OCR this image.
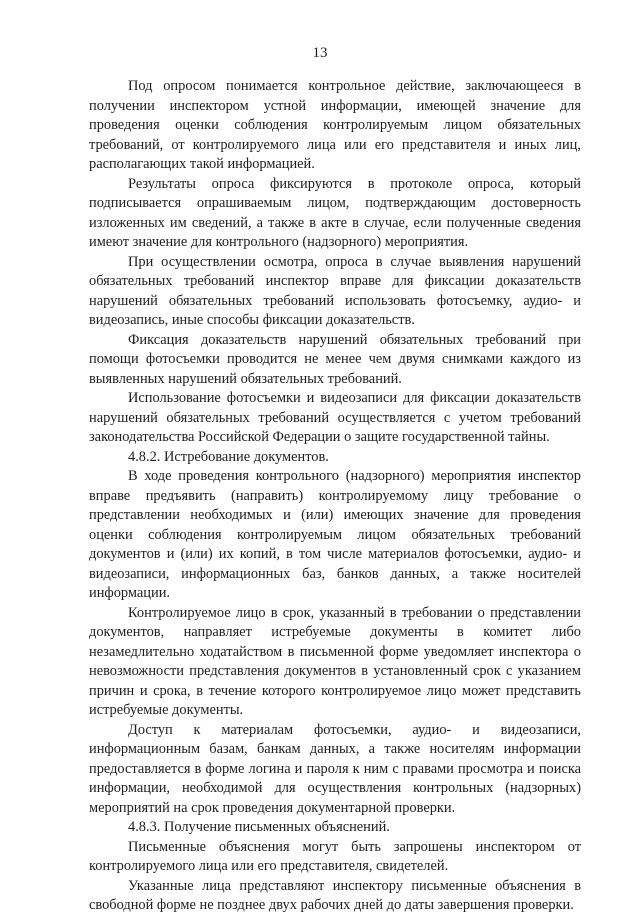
13

Под опросом понимается контрольное действие, заключающееся в получении инспектором устной информации, имеющей значение для проведения оценки соблюдения контролируемым лицом обязательных требований, от контролируемого лица или его представителя и иных лиц, располагающих такой информацией.

Результаты опроса фиксируются в протоколе опроса, который подписывается опрашиваемым лицом, подтверждающим достоверность изложенных им сведений, а также в акте в случае, если полученные сведения имеют значение для контрольного (надзорного) мероприятия.

При осуществлении осмотра, опроса в случае выявления нарушений обязательных требований инспектор вправе для фиксации доказательств нарушений обязательных требований использовать фотосъемку, аудио- и видеозапись, иные способы фиксации доказательств.

Фиксация доказательств нарушений обязательных требований при помощи фотосъемки проводится не менее чем двумя снимками каждого из выявленных нарушений обязательных требований.

Использование фотосъемки и видеозаписи для фиксации доказательств нарушений обязательных требований осуществляется с учетом требований законодательства Российской Федерации о защите государственной тайны.

4.8.2. Истребование документов.

В ходе проведения контрольного (надзорного) мероприятия инспектор вправе предъявить (направить) контролируемому лицу требование о представлении необходимых и (или) имеющих значение для проведения оценки соблюдения контролируемым лицом обязательных требований документов и (или) их копий, в том числе материалов фотосъемки, аудио- и видеозаписи, информационных баз, банков данных, а также носителей информации.

Контролируемое лицо в срок, указанный в требовании о представлении документов, направляет истребуемые документы в комитет либо незамедлительно ходатайством в письменной форме уведомляет инспектора о невозможности представления документов в установленный срок с указанием причин и срока, в течение которого контролируемое лицо может представить истребуемые документы.

Доступ к материалам фотосъемки, аудио- и видеозаписи, информационным базам, банкам данных, а также носителям информации предоставляется в форме логина и пароля к ним с правами просмотра и поиска информации, необходимой для осуществления контрольных (надзорных) мероприятий на срок проведения документарной проверки.

4.8.3. Получение письменных объяснений.

Письменные объяснения могут быть запрошены инспектором от контролируемого лица или его представителя, свидетелей.

Указанные лица представляют инспектору письменные объяснения в свободной форме не позднее двух рабочих дней до даты завершения проверки.
